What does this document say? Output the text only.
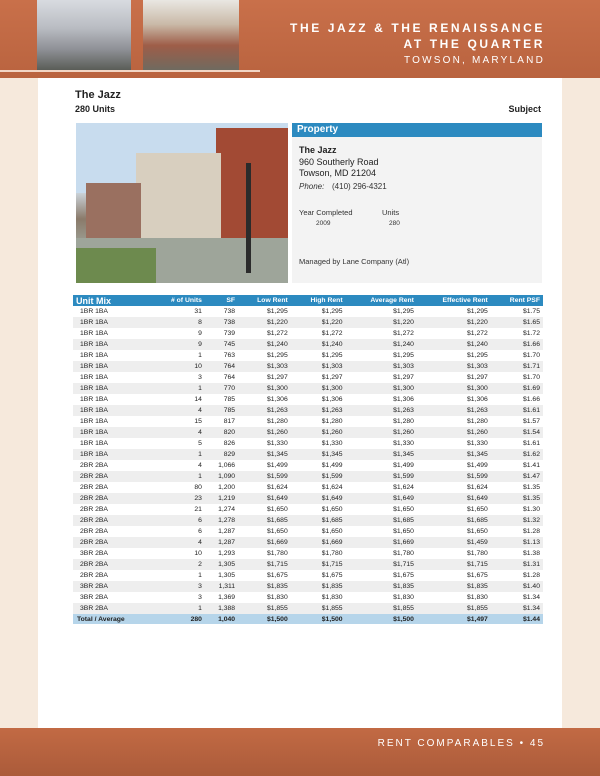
THE JAZZ & THE RENAISSANCE
AT THE QUARTER
TOWSON, MARYLAND
The Jazz
280 Units	Subject
Property
The Jazz
960 Southerly Road
Towson, MD 21204
Phone: (410) 296-4321
Year Completed	Units
2009	280
Managed by Lane Company (Atl)
Unit Mix	# of Units	SF	Low Rent	High Rent	Average Rent	Effective Rent	Rent PSF
1BR 1BA	31	738	$1,295	$1,295	$1,295	$1,295	$1.75
1BR 1BA	8	738	$1,220	$1,220	$1,220	$1,220	$1.65
1BR 1BA	9	739	$1,272	$1,272	$1,272	$1,272	$1.72
1BR 1BA	9	745	$1,240	$1,240	$1,240	$1,240	$1.66
1BR 1BA	1	763	$1,295	$1,295	$1,295	$1,295	$1.70
1BR 1BA	10	764	$1,303	$1,303	$1,303	$1,303	$1.71
1BR 1BA	3	764	$1,297	$1,297	$1,297	$1,297	$1.70
1BR 1BA	1	770	$1,300	$1,300	$1,300	$1,300	$1.69
1BR 1BA	14	785	$1,306	$1,306	$1,306	$1,306	$1.66
1BR 1BA	4	785	$1,263	$1,263	$1,263	$1,263	$1.61
1BR 1BA	15	817	$1,280	$1,280	$1,280	$1,280	$1.57
1BR 1BA	4	820	$1,260	$1,260	$1,260	$1,260	$1.54
1BR 1BA	5	826	$1,330	$1,330	$1,330	$1,330	$1.61
1BR 1BA	1	829	$1,345	$1,345	$1,345	$1,345	$1.62
2BR 2BA	4	1,066	$1,499	$1,499	$1,499	$1,499	$1.41
2BR 2BA	1	1,090	$1,599	$1,599	$1,599	$1,599	$1.47
2BR 2BA	80	1,200	$1,624	$1,624	$1,624	$1,624	$1.35
2BR 2BA	23	1,219	$1,649	$1,649	$1,649	$1,649	$1.35
2BR 2BA	21	1,274	$1,650	$1,650	$1,650	$1,650	$1.30
2BR 2BA	6	1,278	$1,685	$1,685	$1,685	$1,685	$1.32
2BR 2BA	6	1,287	$1,650	$1,650	$1,650	$1,650	$1.28
2BR 2BA	4	1,287	$1,669	$1,669	$1,669	$1,459	$1.13
3BR 2BA	10	1,293	$1,780	$1,780	$1,780	$1,780	$1.38
2BR 2BA	2	1,305	$1,715	$1,715	$1,715	$1,715	$1.31
2BR 2BA	1	1,305	$1,675	$1,675	$1,675	$1,675	$1.28
3BR 2BA	3	1,311	$1,835	$1,835	$1,835	$1,835	$1.40
3BR 2BA	3	1,369	$1,830	$1,830	$1,830	$1,830	$1.34
3BR 2BA	1	1,388	$1,855	$1,855	$1,855	$1,855	$1.34
Total / Average	280	1,040	$1,500	$1,500	$1,500	$1,497	$1.44
RENT COMPARABLES • 45
